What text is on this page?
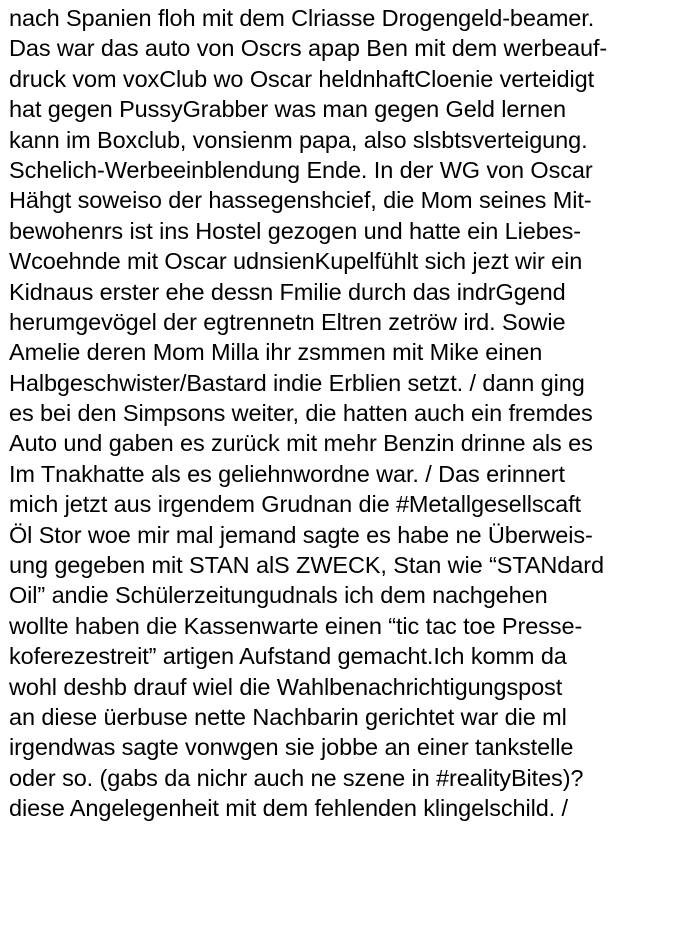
nach Spanien floh mit dem Clriasse Drogengeld-beamer.
Das war das auto von Oscrs apap Ben mit dem werbeauf-
druck vom voxClub wo Oscar heldnhaftCloenie verteidigt
hat gegen PussyGrabber was man gegen Geld lernen
kann im Boxclub, vonsienm papa, also slsbtsverteigung.
Schelich-Werbeeinblendung Ende. In der WG von Oscar
Hähgt soweiso der hassegenshcief, die Mom seines Mit-
bewohenrs ist ins Hostel gezogen und hatte ein Liebes-
Wcoehnde mit Oscar udnsienKupelfühlt sich jezt wir ein
Kidnaus erster ehe dessn Fmilie durch das indrGgend
herumgevögel der egtrennetn Eltren zetröw ird. Sowie
Amelie deren Mom Milla ihr zsmmen mit Mike einen
Halbgeschwister/Bastard indie Erblien setzt. / dann ging
es bei den Simpsons weiter, die hatten auch ein fremdes
Auto und gaben es zurück mit mehr Benzin drinne als es
Im Tnakhatte als es geliehnwordne war. / Das erinnert
mich jetzt aus irgendem Grudnan die #Metallgesellscaft
Öl Stor woe mir mal jemand sagte es habe ne Überweis-
ung gegeben mit STAN alS ZWECK, Stan wie “STANdard
Oil” andie Schülerzeitungudnals ich dem nachgehen
wollte haben die Kassenwarte einen “tic tac toe Presse-
koferezestreit” artigen Aufstand gemacht.Ich komm da
wohl deshb drauf wiel die Wahlbenachrichtigungspost
an diese üerbuse nette Nachbarin gerichtet war die ml
irgendwas sagte vonwgen sie jobbe an einer tankstelle
oder so. (gabs da nichr auch ne szene in #realityBites)?
diese Angelegenheit mit dem fehlenden klingelschild. /
